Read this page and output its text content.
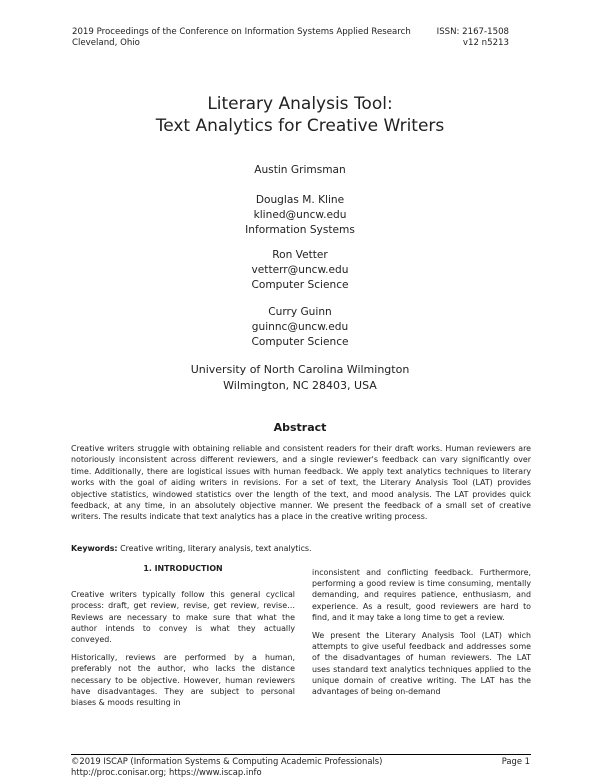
2019 Proceedings of the Conference on Information Systems Applied Research
Cleveland, Ohio
ISSN: 2167-1508
v12 n5213
Literary Analysis Tool:
Text Analytics for Creative Writers
Austin Grimsman
Douglas M. Kline
klined@uncw.edu
Information Systems
Ron Vetter
vetterr@uncw.edu
Computer Science
Curry Guinn
guinnc@uncw.edu
Computer Science
University of North Carolina Wilmington
Wilmington, NC 28403, USA
Abstract
Creative writers struggle with obtaining reliable and consistent readers for their draft works. Human reviewers are notoriously inconsistent across different reviewers, and a single reviewer's feedback can vary significantly over time. Additionally, there are logistical issues with human feedback. We apply text analytics techniques to literary works with the goal of aiding writers in revisions. For a set of text, the Literary Analysis Tool (LAT) provides objective statistics, windowed statistics over the length of the text, and mood analysis. The LAT provides quick feedback, at any time, in an absolutely objective manner. We present the feedback of a small set of creative writers. The results indicate that text analytics has a place in the creative writing process.
Keywords: Creative writing, literary analysis, text analytics.
1. INTRODUCTION

Creative writers typically follow this general cyclical process: draft, get review, revise, get review, revise… Reviews are necessary to make sure that what the author intends to convey is what they actually conveyed.

Historically, reviews are performed by a human, preferably not the author, who lacks the distance necessary to be objective. However, human reviewers have disadvantages. They are subject to personal biases & moods resulting in

inconsistent and conflicting feedback. Furthermore, performing a good review is time consuming, mentally demanding, and requires patience, enthusiasm, and experience. As a result, good reviewers are hard to find, and it may take a long time to get a review.

We present the Literary Analysis Tool (LAT) which attempts to give useful feedback and addresses some of the disadvantages of human reviewers. The LAT uses standard text analytics techniques applied to the unique domain of creative writing. The LAT has the advantages of being on-demand

©2019 ISCAP (Information Systems & Computing Academic Professionals)
http://proc.conisar.org; https://www.iscap.info
Page 1
